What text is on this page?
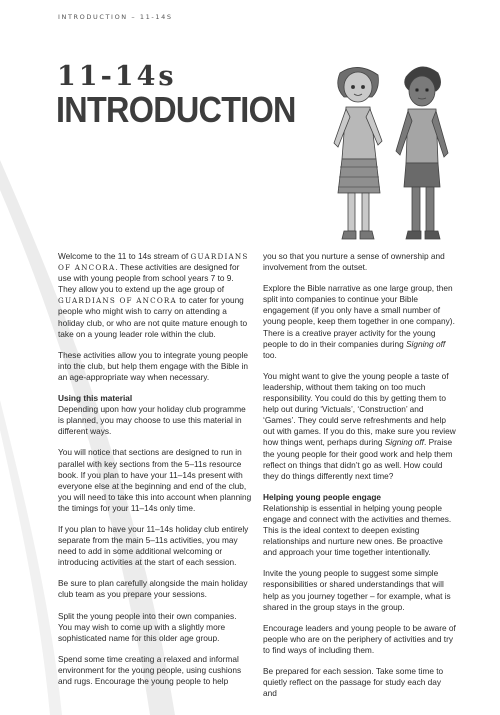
INTRODUCTION – 11-14S
11-14s
INTRODUCTION

Welcome to the 11 to 14s stream of GUARDIANS OF ANCORA. These activities are designed for use with young people from school years 7 to 9. They allow you to extend up the age group of GUARDIANS OF ANCORA to cater for young people who might wish to carry on attending a holiday club, or who are not quite mature enough to take on a young leader role within the club.

These activities allow you to integrate young people into the club, but help them engage with the Bible in an age-appropriate way when necessary.

Using this material

Depending upon how your holiday club programme is planned, you may choose to use this material in different ways.

You will notice that sections are designed to run in parallel with key sections from the 5–11s resource book. If you plan to have your 11–14s present with everyone else at the beginning and end of the club, you will need to take this into account when planning the timings for your 11–14s only time.

If you plan to have your 11–14s holiday club entirely separate from the main 5–11s activities, you may need to add in some additional welcoming or introducing activities at the start of each session.

Be sure to plan carefully alongside the main holiday club team as you prepare your sessions.

Split the young people into their own companies. You may wish to come up with a slightly more sophisticated name for this older age group.

Spend some time creating a relaxed and informal environment for the young people, using cushions and rugs. Encourage the young people to help

you so that you nurture a sense of ownership and involvement from the outset.

Explore the Bible narrative as one large group, then split into companies to continue your Bible engagement (if you only have a small number of young people, keep them together in one company). There is a creative prayer activity for the young people to do in their companies during Signing off too.

You might want to give the young people a taste of leadership, without them taking on too much responsibility. You could do this by getting them to help out during ‘Victuals’, ‘Construction’ and ‘Games’. They could serve refreshments and help out with games. If you do this, make sure you review how things went, perhaps during Signing off. Praise the young people for their good work and help them reflect on things that didn’t go as well. How could they do things differently next time?

Helping young people engage

Relationship is essential in helping young people engage and connect with the activities and themes. This is the ideal context to deepen existing relationships and nurture new ones. Be proactive and approach your time together intentionally.

Invite the young people to suggest some simple responsibilities or shared understandings that will help as you journey together – for example, what is shared in the group stays in the group.

Encourage leaders and young people to be aware of people who are on the periphery of activities and try to find ways of including them.

Be prepared for each session. Take some time to quietly reflect on the passage for study each day and
